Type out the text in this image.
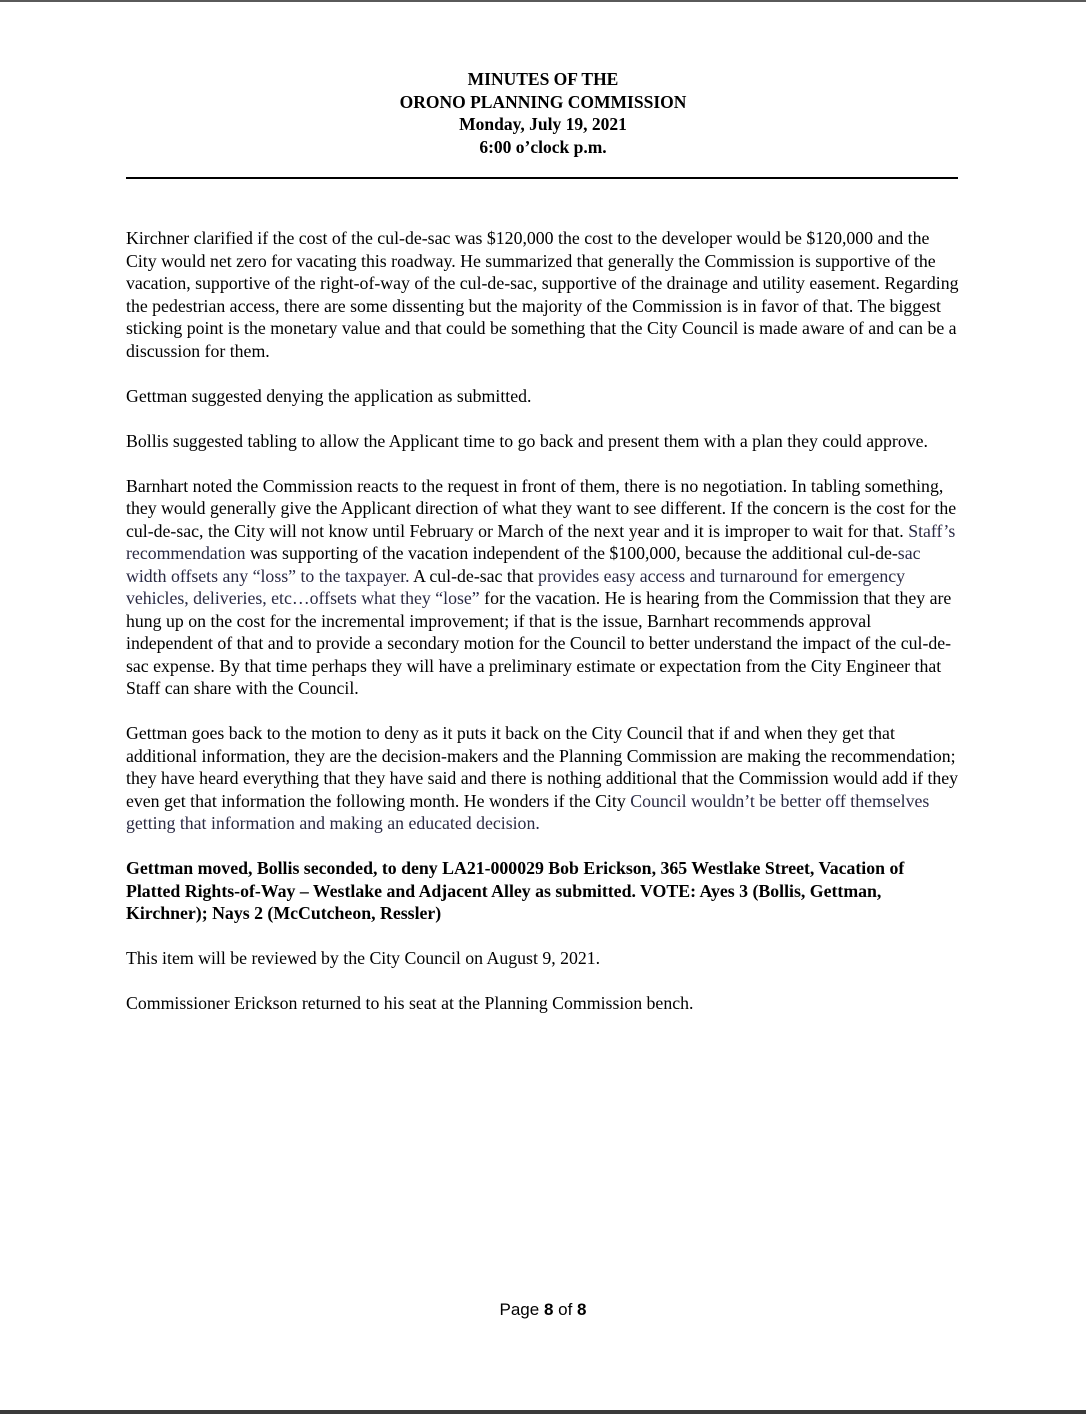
MINUTES OF THE
ORONO PLANNING COMMISSION
Monday, July 19, 2021
6:00 o’clock p.m.

Kirchner clarified if the cost of the cul-de-sac was $120,000 the cost to the developer would be $120,000 and the City would net zero for vacating this roadway. He summarized that generally the Commission is supportive of the vacation, supportive of the right-of-way of the cul-de-sac, supportive of the drainage and utility easement. Regarding the pedestrian access, there are some dissenting but the majority of the Commission is in favor of that. The biggest sticking point is the monetary value and that could be something that the City Council is made aware of and can be a discussion for them.

Gettman suggested denying the application as submitted.

Bollis suggested tabling to allow the Applicant time to go back and present them with a plan they could approve.

Barnhart noted the Commission reacts to the request in front of them, there is no negotiation. In tabling something, they would generally give the Applicant direction of what they want to see different. If the concern is the cost for the cul-de-sac, the City will not know until February or March of the next year and it is improper to wait for that. Staff’s recommendation was supporting of the vacation independent of the $100,000, because the additional cul-de-sac width offsets any “loss” to the taxpayer. A cul-de-sac that provides easy access and turnaround for emergency vehicles, deliveries, etc…offsets what they “lose” for the vacation. He is hearing from the Commission that they are hung up on the cost for the incremental improvement; if that is the issue, Barnhart recommends approval independent of that and to provide a secondary motion for the Council to better understand the impact of the cul-de-sac expense. By that time perhaps they will have a preliminary estimate or expectation from the City Engineer that Staff can share with the Council.

Gettman goes back to the motion to deny as it puts it back on the City Council that if and when they get that additional information, they are the decision-makers and the Planning Commission are making the recommendation; they have heard everything that they have said and there is nothing additional that the Commission would add if they even get that information the following month. He wonders if the City Council wouldn’t be better off themselves getting that information and making an educated decision.

Gettman moved, Bollis seconded, to deny LA21-000029 Bob Erickson, 365 Westlake Street, Vacation of Platted Rights-of-Way – Westlake and Adjacent Alley as submitted. VOTE: Ayes 3 (Bollis, Gettman, Kirchner); Nays 2 (McCutcheon, Ressler)

This item will be reviewed by the City Council on August 9, 2021.

Commissioner Erickson returned to his seat at the Planning Commission bench.

Page 8 of 8
